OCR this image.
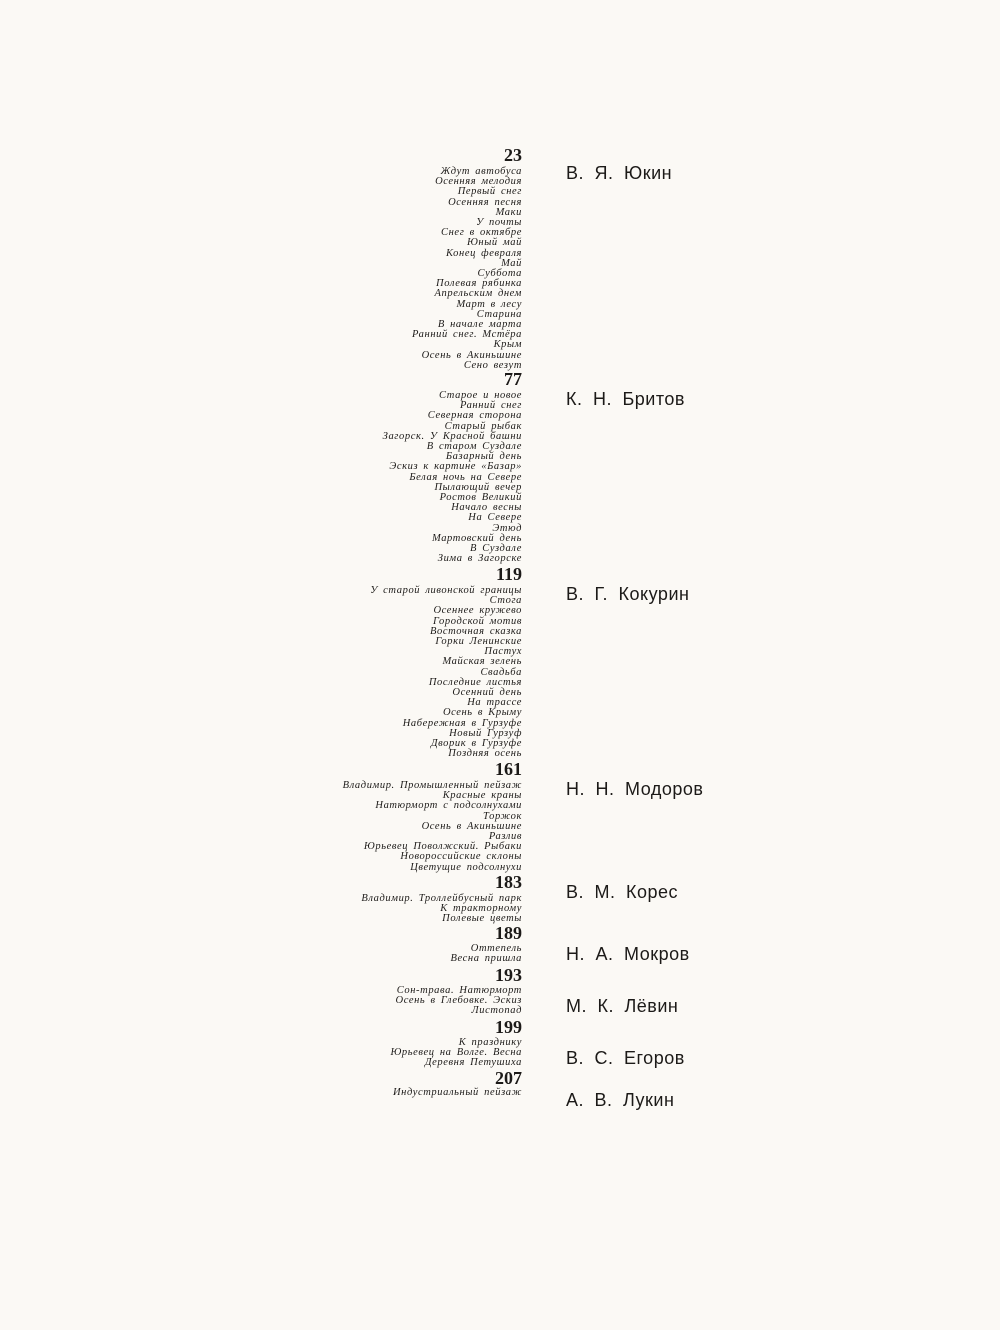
23
Ждут автобуса
Осенняя мелодия
Первый снег
Осенняя песня
Маки
У почты
Снег в октябре
Юный май
Конец февраля
Май
Суббота
Полевая рябинка
Апрельским днем
Март в лесу
Старина
В начале марта
Ранний снег. Мстёра
Крым
Осень в Акиньшине
Сено везут
В. Я. Юкин
77
Старое и новое
Ранний снег
Северная сторона
Старый рыбак
Загорск. У Красной башни
В старом Суздале
Базарный день
Эскиз к картине «Базар»
Белая ночь на Севере
Пылающий вечер
Ростов Великий
Начало весны
На Севере
Этюд
Мартовский день
В Суздале
Зима в Загорске
К. Н. Бритов
119
У старой ливонской границы
Стога
Осеннее кружево
Городской мотив
Восточная сказка
Горки Ленинские
Пастух
Майская зелень
Свадьба
Последние листья
Осенний день
На трассе
Осень в Крыму
Набережная в Гурзуфе
Новый Гурзуф
Дворик в Гурзуфе
Поздняя осень
В. Г. Кокурин
161
Владимир. Промышленный пейзаж
Красные краны
Натюрморт с подсолнухами
Торжок
Осень в Акиньшине
Разлив
Юрьевец Поволжский. Рыбаки
Новороссийские склоны
Цветущие подсолнухи
Н. Н. Модоров
183
Владимир. Троллейбусный парк
К тракторному
Полевые цветы
В. М. Корес
189
Оттепель
Весна пришла Н. А. Мокров
193
Сон-трава. Натюрморт
Осень в Глебовке. Эскиз
Листопад М. К. Лёвин
199
К празднику
Юрьевец на Волге. Весна
Деревня Петушиха В. С. Егоров
207
Индустриальный пейзаж А. В. Лукин
